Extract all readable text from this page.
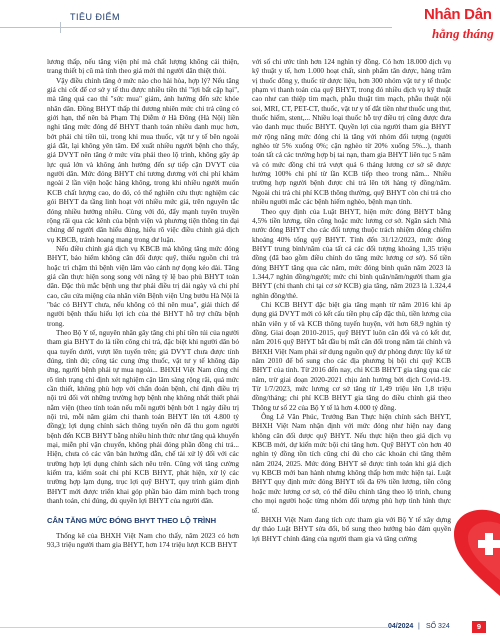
TIÊU ĐIỂM	Nhân Dân
hằng tháng

lương thấp, nếu tăng viện phí mà chất lượng không cải thiện, trang thiết bị cũ mà tính theo giá mới thì người dân thiệt thòi.

Vậy điều chỉnh tăng ở mức nào cho hài hòa, hợp lý? Nếu tăng giá chi cốt để cơ sở y tế thu được nhiều tiền thì "lợi bất cập hại", mà tăng quá cao thì "sức mua" giảm, ảnh hưởng đến sức khỏe nhân dân. Đồng BHYT thấp thì đương nhiên mức chi trả cũng có giới hạn, thế nên bà Phạm Thị Diễm ở Hà Đông (Hà Nội) liền nghi tăng mức đóng để BHYT thanh toán nhiều danh mục hơn, bớt phải chi tiền túi, trong khi mua thuốc, vật tư y tế bên ngoài giá đắt, lại không yên tâm. Để xuất nhiều người bệnh cho thấy, giá DVYT nên tăng ở mức vừa phải theo lộ trình, không gây áp lực quá lớn và không ảnh hưởng đến sự tiếp cận DVYT của người dân. Mức đóng BHYT chỉ tương đương với chi phí khám ngoài 2 lần viện hoặc hàng không, trong khi nhiều người muốn KCB chất lượng cao, do đó, có thể nghiên cứu thực nghiệm các gói BHYT đa tầng linh hoạt với nhiều mức giá, trên nguyên tắc đóng nhiều hưởng nhiều. Cùng với đó, đẩy mạnh tuyên truyền rộng rãi qua các kênh của bệnh viện và phương tiện thông tin đại chúng để người dân hiểu đúng, hiểu rõ việc điều chỉnh giá dịch vụ KBCB, tránh hoang mang trong dư luận.

Nếu điều chỉnh giá dịch vụ KBCB mà không tăng mức đóng BHYT, bảo hiểm không cân đối được quỹ, thiếu nguồn chi trả hoặc trì chậm thì bệnh viện lâm vào cảnh nợ đọng kéo dài. Tăng giá cần thực hiện song song với nâng tỷ lệ bao phủ BHYT toàn dân. Đặc thù mắc bệnh ung thư phải điều trị dài ngày và chi phí cao, câu cửa miệng của nhân viên Bệnh viện Ung bướu Hà Nội là "bác có BHYT chưa, nếu không có thì nên mua", giải thích để người bệnh thấu hiểu lợi ích của thẻ BHYT hỗ trợ chữa bệnh trong.

Theo Bộ Y tế, nguyên nhân gây tăng chi phí tiền túi của người tham gia BHYT do là tiền công chi trả, đặc biệt khi người dân bỏ qua tuyến dưới, vượt lên tuyến trên; giá DVYT chưa được tính đúng, tính đủ; công tác cung ứng thuốc, vật tư y tế không đáp ứng, người bệnh phải tự mua ngoài... BHXH Việt Nam cũng chỉ rõ tình trạng chỉ định xét nghiệm cận lâm sàng rộng rãi, quá mức cần thiết, không phù hợp với chẩn đoán bệnh, chỉ định điều trị nội trú đối với những trường hợp bệnh nhẹ không nhất thiết phải nằm viện (theo tính toán nếu mỗi người bệnh bớt 1 ngày điều trị nội trú, mỗi năm giảm chi thanh toán BHYT lên tới 4.800 tỷ đồng); lợi dụng chính sách thông tuyến nên đã thu gom người bệnh đến KCB BHYT bằng nhiều hình thức như tăng quà khuyến mại, miễn phí vận chuyển, không phải đóng phần đồng chi trả... Hiện, chưa có các văn bản hướng dẫn, chế tài xử lý đối với các trường hợp lợi dụng chính sách nêu trên. Cũng với tăng cường kiểm tra, kiểm soát chi phí KCB BHYT, phát hiện, xử lý các trường hợp lạm dụng, trục lợi quỹ BHYT, quy trình giám định BHYT mới được triển khai góp phần bảo đảm minh bạch trong thanh toán, chi đúng, đủ quyền lợi BHYT của người dân.

CÂN TĂNG MỨC ĐÓNG BHYT THEO LỘ TRÌNH

Thống kê của BHXH Việt Nam cho thấy, năm 2023 có hơn 93,3 triệu người tham gia BHYT, hơn 174 triệu lượt KCB BHYT

với số chi ước tính hơn 124 nghìn tỷ đồng. Có hơn 18.000 dịch vụ kỹ thuật y tế, hơn 1.000 hoạt chất, sinh phẩm tân dược, hàng trăm vị thuốc đông y, thuốc từ dược liệu, hơn 300 nhóm vật tư y tế thuộc phạm vi thanh toán của quỹ BHYT, trong đó nhiều dịch vụ kỹ thuật cao như can thiệp tim mạch, phẫu thuật tim mạch, phẫu thuật nội soi, MRI, CT, PET-CT, thuốc, vật tư y tế đắt tiền như thuốc ung thư, thuốc hiếm, stent,... Nhiều loại thuốc hỗ trợ điều trị cũng được đưa vào danh mục thuốc BHYT. Quyền lợi của người tham gia BHYT mở rộng nâng mức đóng chỉ là tăng với nhóm đối tượng (người nghèo từ 5% xuống 0%; cận nghèo từ 20% xuống 5%...), thanh toán tất cả các trường hợp bị tai nạn, tham gia BHYT liên tục 5 năm và có mức đồng chi trả vượt quá 6 tháng lương cơ sở sẽ được hưởng 100% chi phí từ lần KCB tiếp theo trong năm... Nhiều trường hợp người bệnh được chi trả lên tới hàng tỷ đồng/năm. Ngoài chi trả chi phí KCB thông thường, quỹ BHYT còn chi trả cho nhiều người mắc các bệnh hiếm nghèo, bệnh mạn tính.

Theo quy định của Luật BHYT, hiện mức đóng BHYT bằng 4,5% tiền lương, tiền công hoặc mức lương cơ sở. Ngân sách Nhà nước đóng BHYT cho các đối tượng thuộc trách nhiệm đóng chiếm khoảng 40% tổng quỹ BHYT. Tính đến 31/12/2023, mức đóng BHYT trung bình/năm của tất cả các đối tượng khoảng 1,35 triệu đồng (đã bao gồm điều chỉnh do tăng mức lương cơ sở). Số tiền đóng BHYT tăng qua các năm, mức đóng bình quân năm 2023 là 1.344,7 nghìn đồng/người; mức chi bình quân/năm/người tham gia BHYT (chi thanh chi tại cơ sở KCB) gia tăng, năm 2023 là 1.324,4 nghìn đồng/thẻ.

Chi KCB BHYT đặc biệt gia tăng mạnh từ năm 2016 khi áp dụng giá DVYT mới có kết cấu tiền phụ cấp đặc thù, tiền lương của nhân viên y tế và KCB thông tuyến huyện, với hơn 68,9 nghìn tỷ đồng. Giai đoạn 2010-2015, quỹ BHYT luôn cân đối và có kết dư, năm 2016 quỹ BHYT bắt đầu bị mất cân đối trong năm tài chính và BHXH Việt Nam phải sử dụng nguồn quỹ dự phòng được lũy kế từ năm 2010 để bổ sung cho các địa phương bị bội chi quỹ KCB BHYT của tỉnh. Từ 2016 đến nay, chi KCB BHYT gia tăng qua các năm, trừ giai đoạn 2020-2021 chịu ảnh hưởng bởi dịch Covid-19. Từ 1/7/2023, mức lương cơ sở tăng từ 1,49 triệu lên 1,8 triệu đồng/tháng; chi phí KCB BHYT gia tăng do điều chỉnh giá theo Thông tư số 22 của Bộ Y tế là hơn 4.000 tỷ đồng.

Ông Lê Văn Phúc, Trưởng Ban Thực hiện chính sách BHYT, BHXH Việt Nam nhận định với mức đóng như hiện nay đang không cân đối được quỹ BHYT. Nếu thực hiện theo giá dịch vụ KBCB mới, dự kiến mức bội chi tăng hơn. Quỹ BHYT còn hơn 40 nghìn tỷ đồng tồn tích cũng chỉ đủ cho các khoản chi tăng thêm năm 2024, 2025. Mức đóng BHYT sẽ được tính toán khi giá dịch vụ KBCB mới ban hành nhưng không thấp hơn mức hiện tại. Luật BHYT quy định mức đóng BHYT tối đa 6% tiền lương, tiền công hoặc mức lương cơ sở, có thể điều chỉnh tăng theo lộ trình, chung cho mọi người hoặc từng nhóm đối tượng phù hợp tình hình thực tế.

BHXH Việt Nam đang tích cực tham gia với Bộ Y tế xây dựng dự thảo Luật BHYT sửa đổi, bổ sung theo hướng bảo đảm quyền lợi BHYT chính đáng của người tham gia và tăng cường

04/2024 | SỐ 324	9
